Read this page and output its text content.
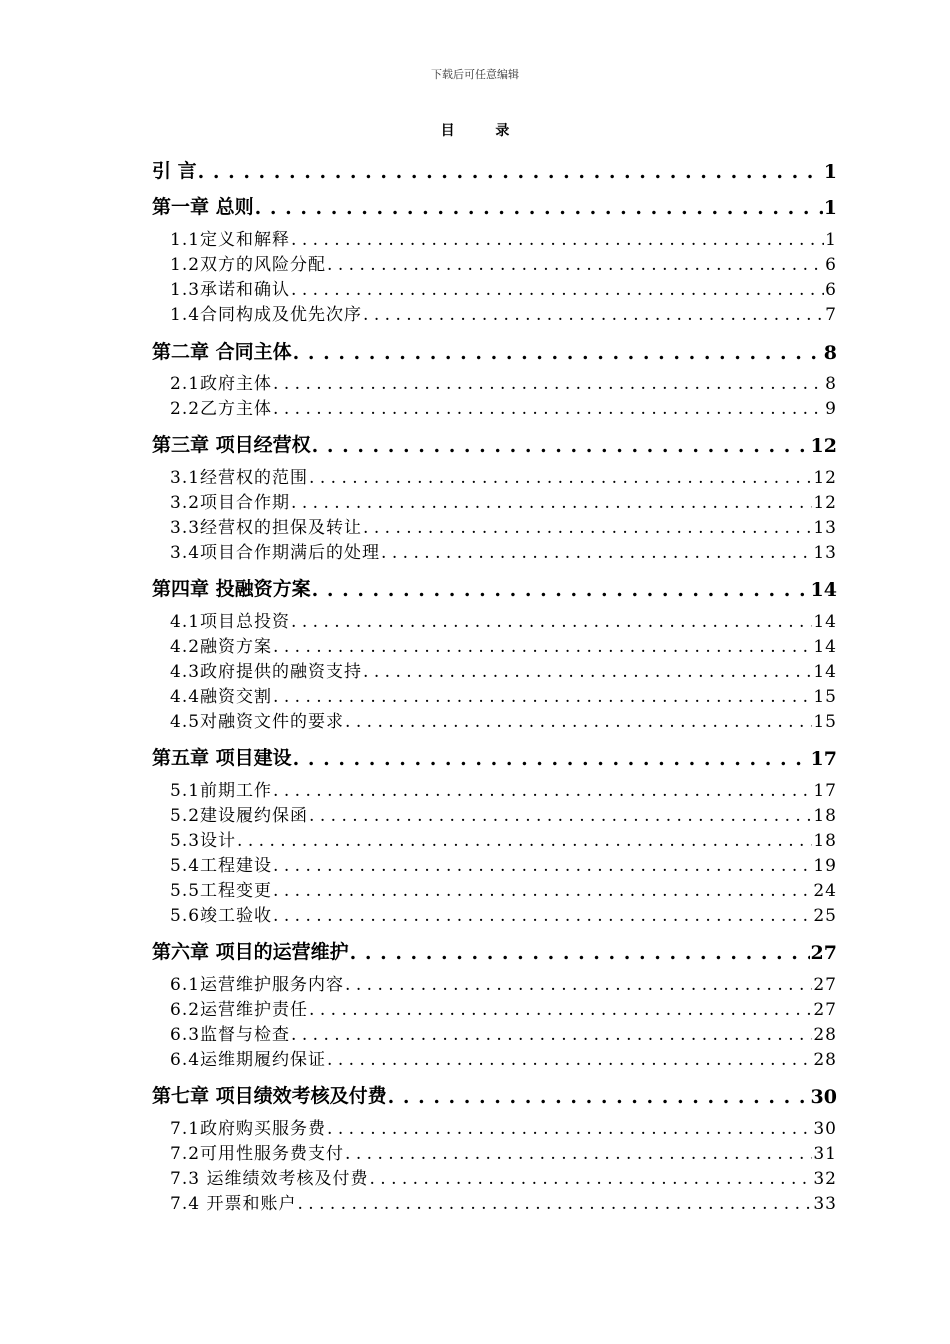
下载后可任意编辑
目 录
引 言 . . .	1
第一章 总则 . . .	1
1.1定义和解释 . . .	1
1.2双方的风险分配 . . .	6
1.3承诺和确认 . . .	6
1.4合同构成及优先次序 . . .	7
第二章 合同主体 . . .	8
2.1政府主体 . . .	8
2.2乙方主体 . . .	9
第三章 项目经营权 . . .	12
3.1经营权的范围 . . .	12
3.2项目合作期 . . .	12
3.3经营权的担保及转让 . . .	13
3.4项目合作期满后的处理 . . .	13
第四章 投融资方案 . . .	14
4.1项目总投资 . . .	14
4.2融资方案 . . .	14
4.3政府提供的融资支持 . . .	14
4.4融资交割 . . .	15
4.5对融资文件的要求 . . .	15
第五章 项目建设 . . .	17
5.1前期工作 . . .	17
5.2建设履约保函 . . .	18
5.3设计 . . .	18
5.4工程建设 . . .	19
5.5工程变更 . . .	24
5.6竣工验收 . . .	25
第六章 项目的运营维护 . . .	27
6.1运营维护服务内容 . . .	27
6.2运营维护责任 . . .	27
6.3监督与检查 . . .	28
6.4运维期履约保证 . . .	28
第七章 项目绩效考核及付费 . . .	30
7.1政府购买服务费 . . .	30
7.2可用性服务费支付 . . .	31
7.3 运维绩效考核及付费 . . .	32
7.4 开票和账户 . . .	33
